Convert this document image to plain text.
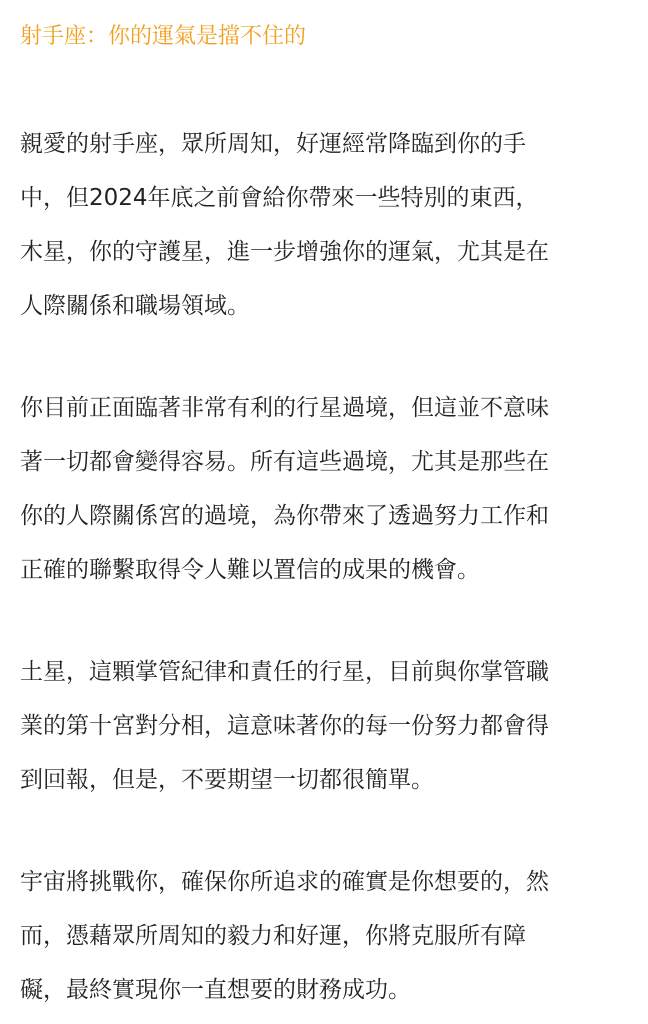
射手座：你的運氣是擋不住的

親愛的射手座，眾所周知，好運經常降臨到你的手
中，但2024年底之前會給你帶來一些特別的東西，
木星，你的守護星，進一步增強你的運氣，尤其是在
人際關係和職場領域。

你目前正面臨著非常有利的行星過境，但這並不意味
著一切都會變得容易。所有這些過境，尤其是那些在
你的人際關係宮的過境，為你帶來了透過努力工作和
正確的聯繫取得令人難以置信的成果的機會。

土星，這顆掌管紀律和責任的行星，目前與你掌管職
業的第十宮對分相，這意味著你的每一份努力都會得
到回報，但是，不要期望一切都很簡單。

宇宙將挑戰你，確保你所追求的確實是你想要的，然
而，憑藉眾所周知的毅力和好運，你將克服所有障
礙，最終實現你一直想要的財務成功。
